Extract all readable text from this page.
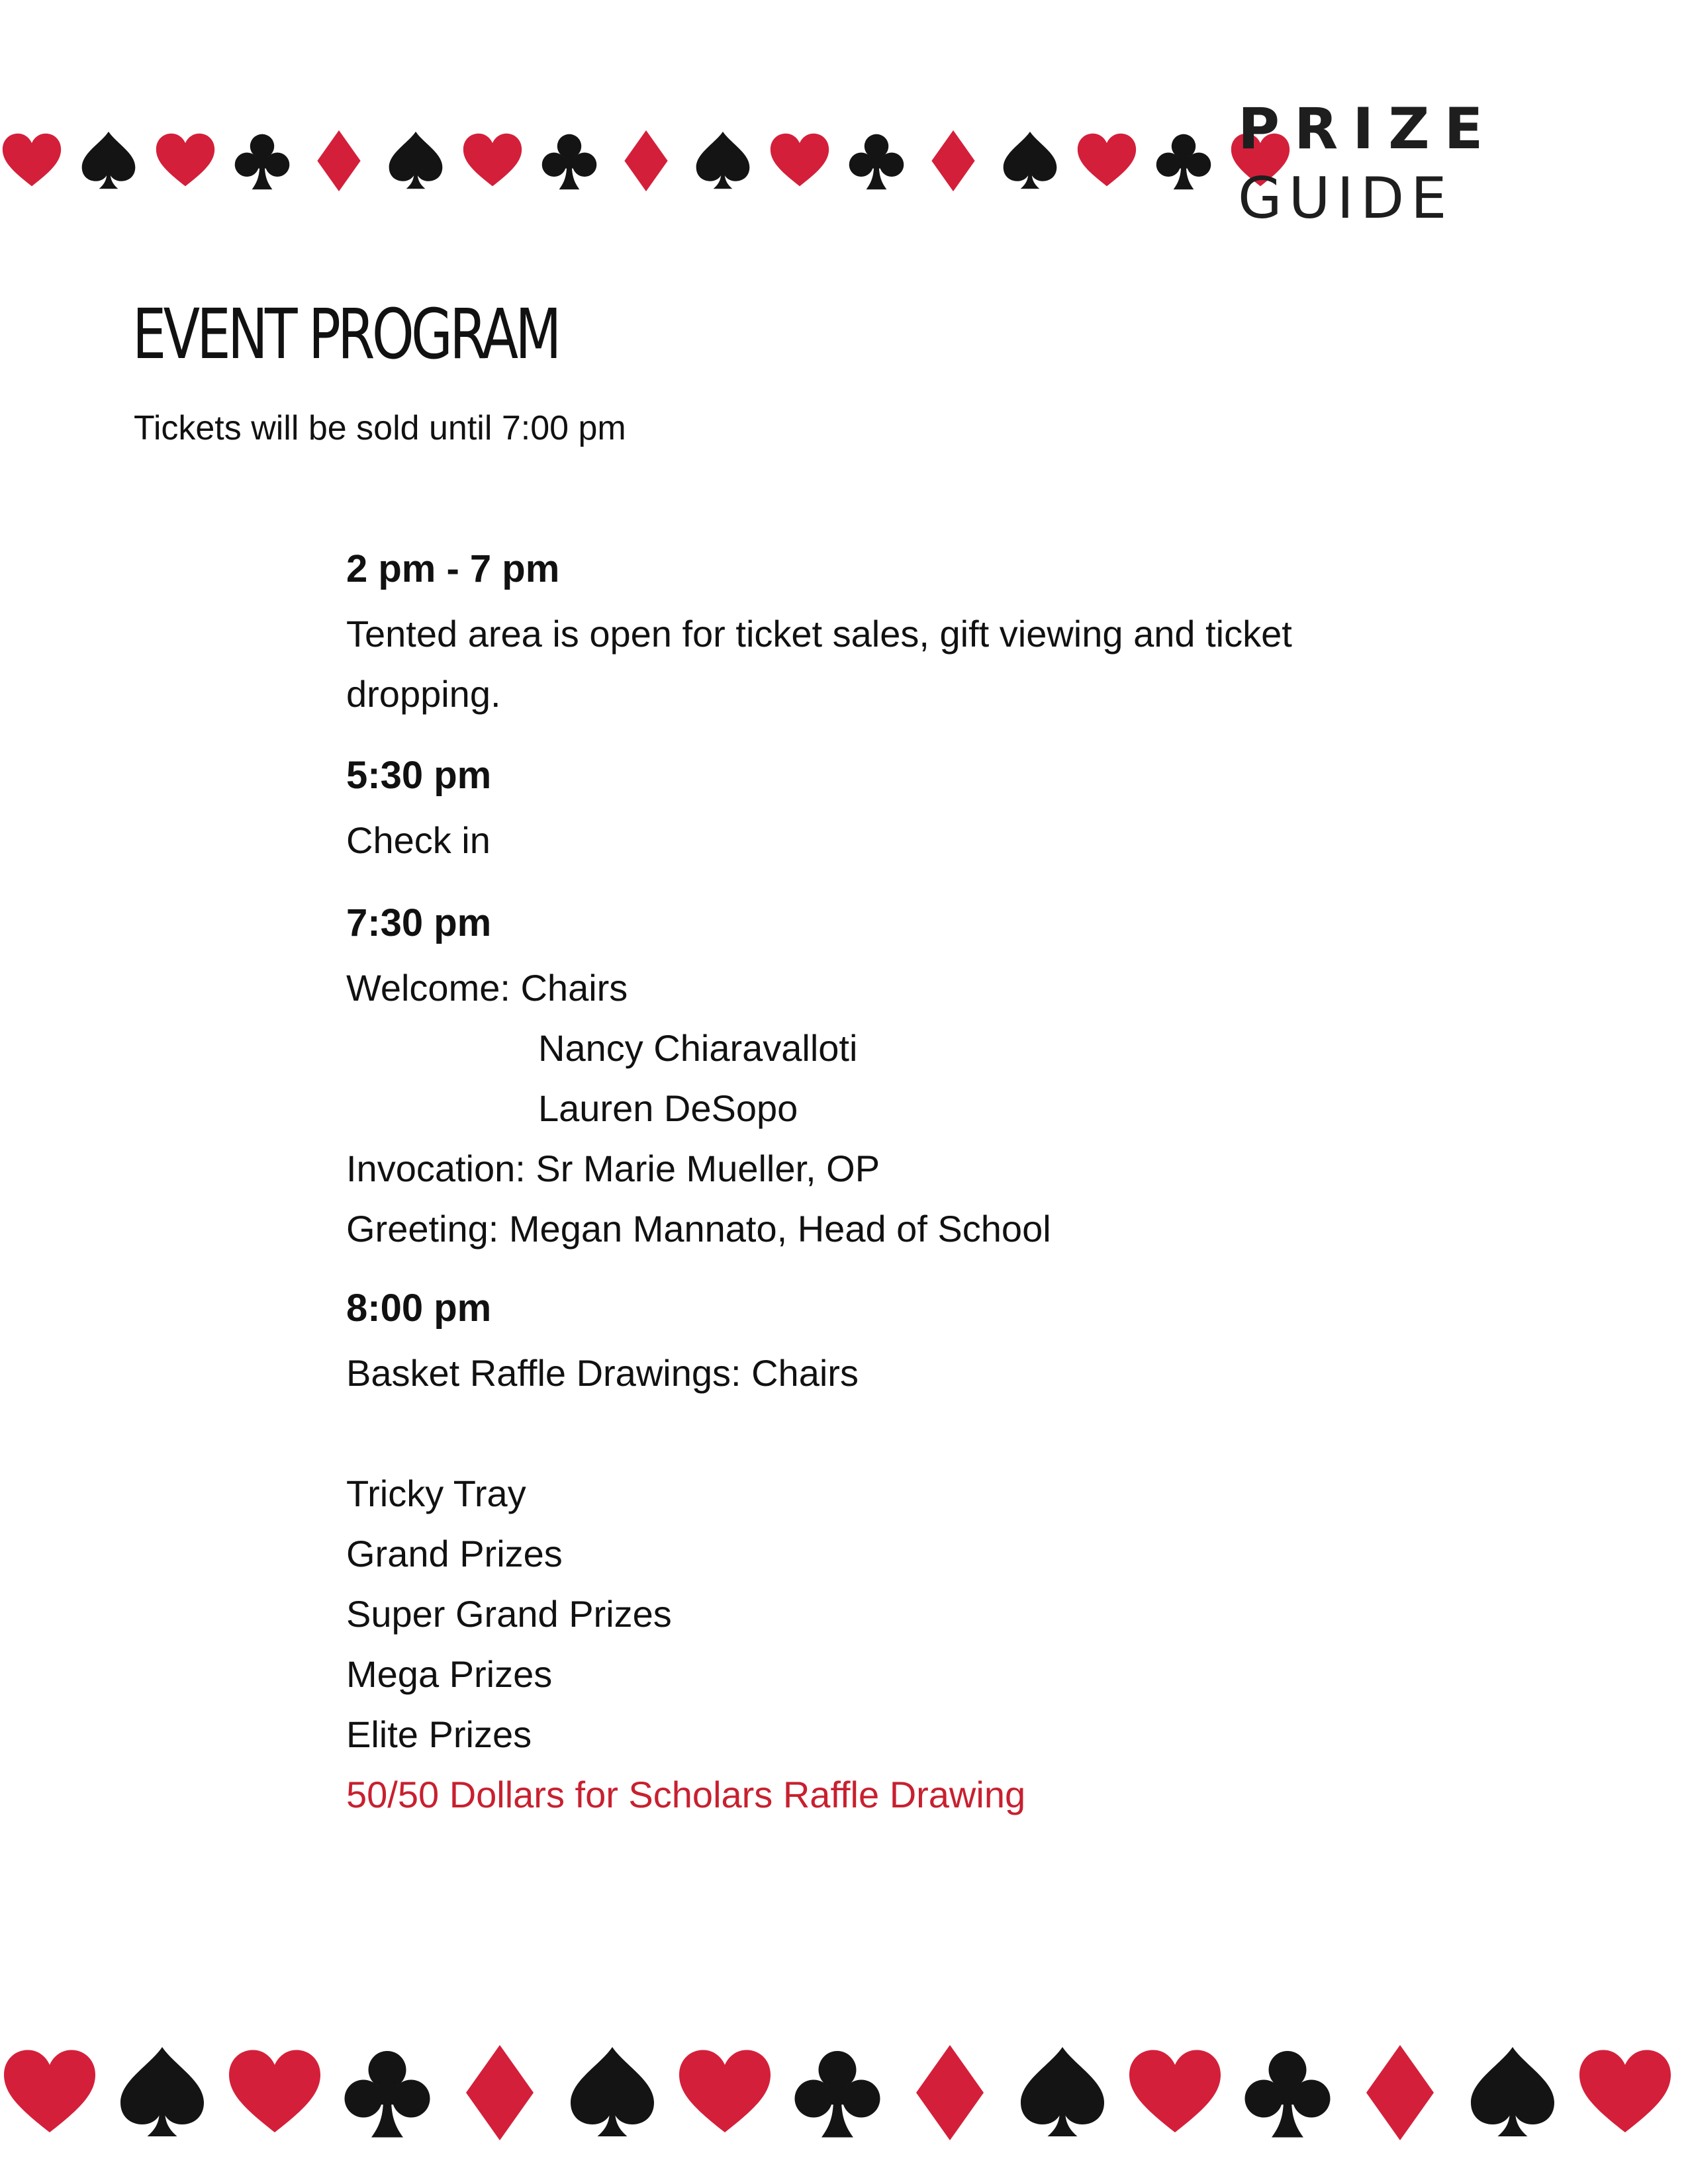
PRIZE
GUIDE
EVENT PROGRAM
Tickets will be sold until 7:00 pm
2 pm - 7 pm
Tented area is open for ticket sales, gift viewing and ticket
dropping.
5:30 pm
Check in
7:30 pm
Welcome: Chairs
Nancy Chiaravalloti
Lauren DeSopo
Invocation: Sr Marie Mueller, OP
Greeting: Megan Mannato, Head of School
8:00 pm
Basket Raffle Drawings: Chairs
Tricky Tray
Grand Prizes
Super Grand Prizes
Mega Prizes
Elite Prizes
50/50 Dollars for Scholars Raffle Drawing
